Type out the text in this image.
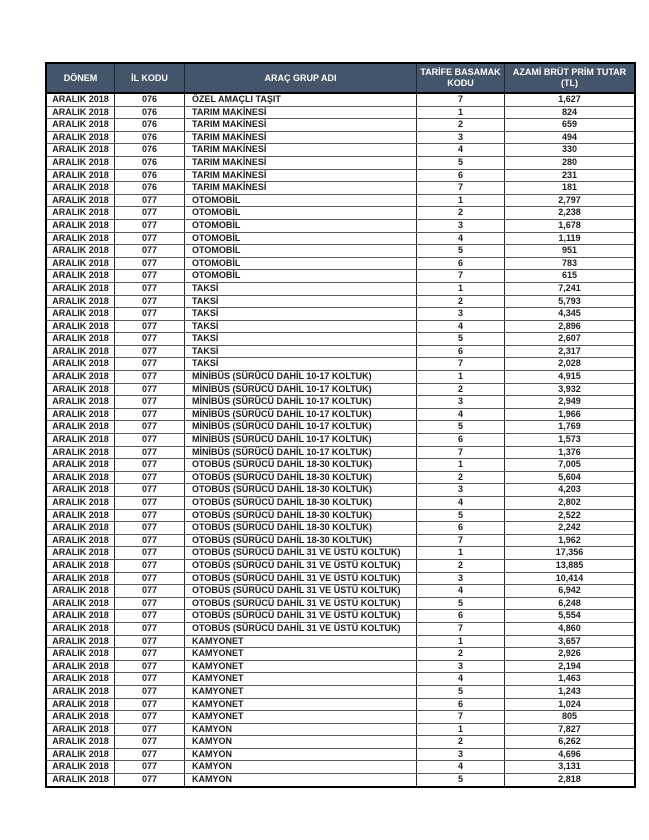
DÖNEM	İL KODU	ARAÇ GRUP ADI	TARİFE BASAMAK KODU	AZAMİ BRÜT PRİM TUTAR (TL)
ARALIK 2018	076	ÖZEL AMAÇLI TAŞIT	7	1,627
ARALIK 2018	076	TARIM MAKİNESİ	1	824
ARALIK 2018	076	TARIM MAKİNESİ	2	659
ARALIK 2018	076	TARIM MAKİNESİ	3	494
ARALIK 2018	076	TARIM MAKİNESİ	4	330
ARALIK 2018	076	TARIM MAKİNESİ	5	280
ARALIK 2018	076	TARIM MAKİNESİ	6	231
ARALIK 2018	076	TARIM MAKİNESİ	7	181
ARALIK 2018	077	OTOMOBİL	1	2,797
ARALIK 2018	077	OTOMOBİL	2	2,238
ARALIK 2018	077	OTOMOBİL	3	1,678
ARALIK 2018	077	OTOMOBİL	4	1,119
ARALIK 2018	077	OTOMOBİL	5	951
ARALIK 2018	077	OTOMOBİL	6	783
ARALIK 2018	077	OTOMOBİL	7	615
ARALIK 2018	077	TAKSİ	1	7,241
ARALIK 2018	077	TAKSİ	2	5,793
ARALIK 2018	077	TAKSİ	3	4,345
ARALIK 2018	077	TAKSİ	4	2,896
ARALIK 2018	077	TAKSİ	5	2,607
ARALIK 2018	077	TAKSİ	6	2,317
ARALIK 2018	077	TAKSİ	7	2,028
ARALIK 2018	077	MİNİBÜS (SÜRÜCÜ DAHİL 10-17 KOLTUK)	1	4,915
ARALIK 2018	077	MİNİBÜS (SÜRÜCÜ DAHİL 10-17 KOLTUK)	2	3,932
ARALIK 2018	077	MİNİBÜS (SÜRÜCÜ DAHİL 10-17 KOLTUK)	3	2,949
ARALIK 2018	077	MİNİBÜS (SÜRÜCÜ DAHİL 10-17 KOLTUK)	4	1,966
ARALIK 2018	077	MİNİBÜS (SÜRÜCÜ DAHİL 10-17 KOLTUK)	5	1,769
ARALIK 2018	077	MİNİBÜS (SÜRÜCÜ DAHİL 10-17 KOLTUK)	6	1,573
ARALIK 2018	077	MİNİBÜS (SÜRÜCÜ DAHİL 10-17 KOLTUK)	7	1,376
ARALIK 2018	077	OTOBÜS (SÜRÜCÜ DAHİL 18-30 KOLTUK)	1	7,005
ARALIK 2018	077	OTOBÜS (SÜRÜCÜ DAHİL 18-30 KOLTUK)	2	5,604
ARALIK 2018	077	OTOBÜS (SÜRÜCÜ DAHİL 18-30 KOLTUK)	3	4,203
ARALIK 2018	077	OTOBÜS (SÜRÜCÜ DAHİL 18-30 KOLTUK)	4	2,802
ARALIK 2018	077	OTOBÜS (SÜRÜCÜ DAHİL 18-30 KOLTUK)	5	2,522
ARALIK 2018	077	OTOBÜS (SÜRÜCÜ DAHİL 18-30 KOLTUK)	6	2,242
ARALIK 2018	077	OTOBÜS (SÜRÜCÜ DAHİL 18-30 KOLTUK)	7	1,962
ARALIK 2018	077	OTOBÜS (SÜRÜCÜ DAHİL 31 VE ÜSTÜ KOLTUK)	1	17,356
ARALIK 2018	077	OTOBÜS (SÜRÜCÜ DAHİL 31 VE ÜSTÜ KOLTUK)	2	13,885
ARALIK 2018	077	OTOBÜS (SÜRÜCÜ DAHİL 31 VE ÜSTÜ KOLTUK)	3	10,414
ARALIK 2018	077	OTOBÜS (SÜRÜCÜ DAHİL 31 VE ÜSTÜ KOLTUK)	4	6,942
ARALIK 2018	077	OTOBÜS (SÜRÜCÜ DAHİL 31 VE ÜSTÜ KOLTUK)	5	6,248
ARALIK 2018	077	OTOBÜS (SÜRÜCÜ DAHİL 31 VE ÜSTÜ KOLTUK)	6	5,554
ARALIK 2018	077	OTOBÜS (SÜRÜCÜ DAHİL 31 VE ÜSTÜ KOLTUK)	7	4,860
ARALIK 2018	077	KAMYONET	1	3,657
ARALIK 2018	077	KAMYONET	2	2,926
ARALIK 2018	077	KAMYONET	3	2,194
ARALIK 2018	077	KAMYONET	4	1,463
ARALIK 2018	077	KAMYONET	5	1,243
ARALIK 2018	077	KAMYONET	6	1,024
ARALIK 2018	077	KAMYONET	7	805
ARALIK 2018	077	KAMYON	1	7,827
ARALIK 2018	077	KAMYON	2	6,262
ARALIK 2018	077	KAMYON	3	4,696
ARALIK 2018	077	KAMYON	4	3,131
ARALIK 2018	077	KAMYON	5	2,818
